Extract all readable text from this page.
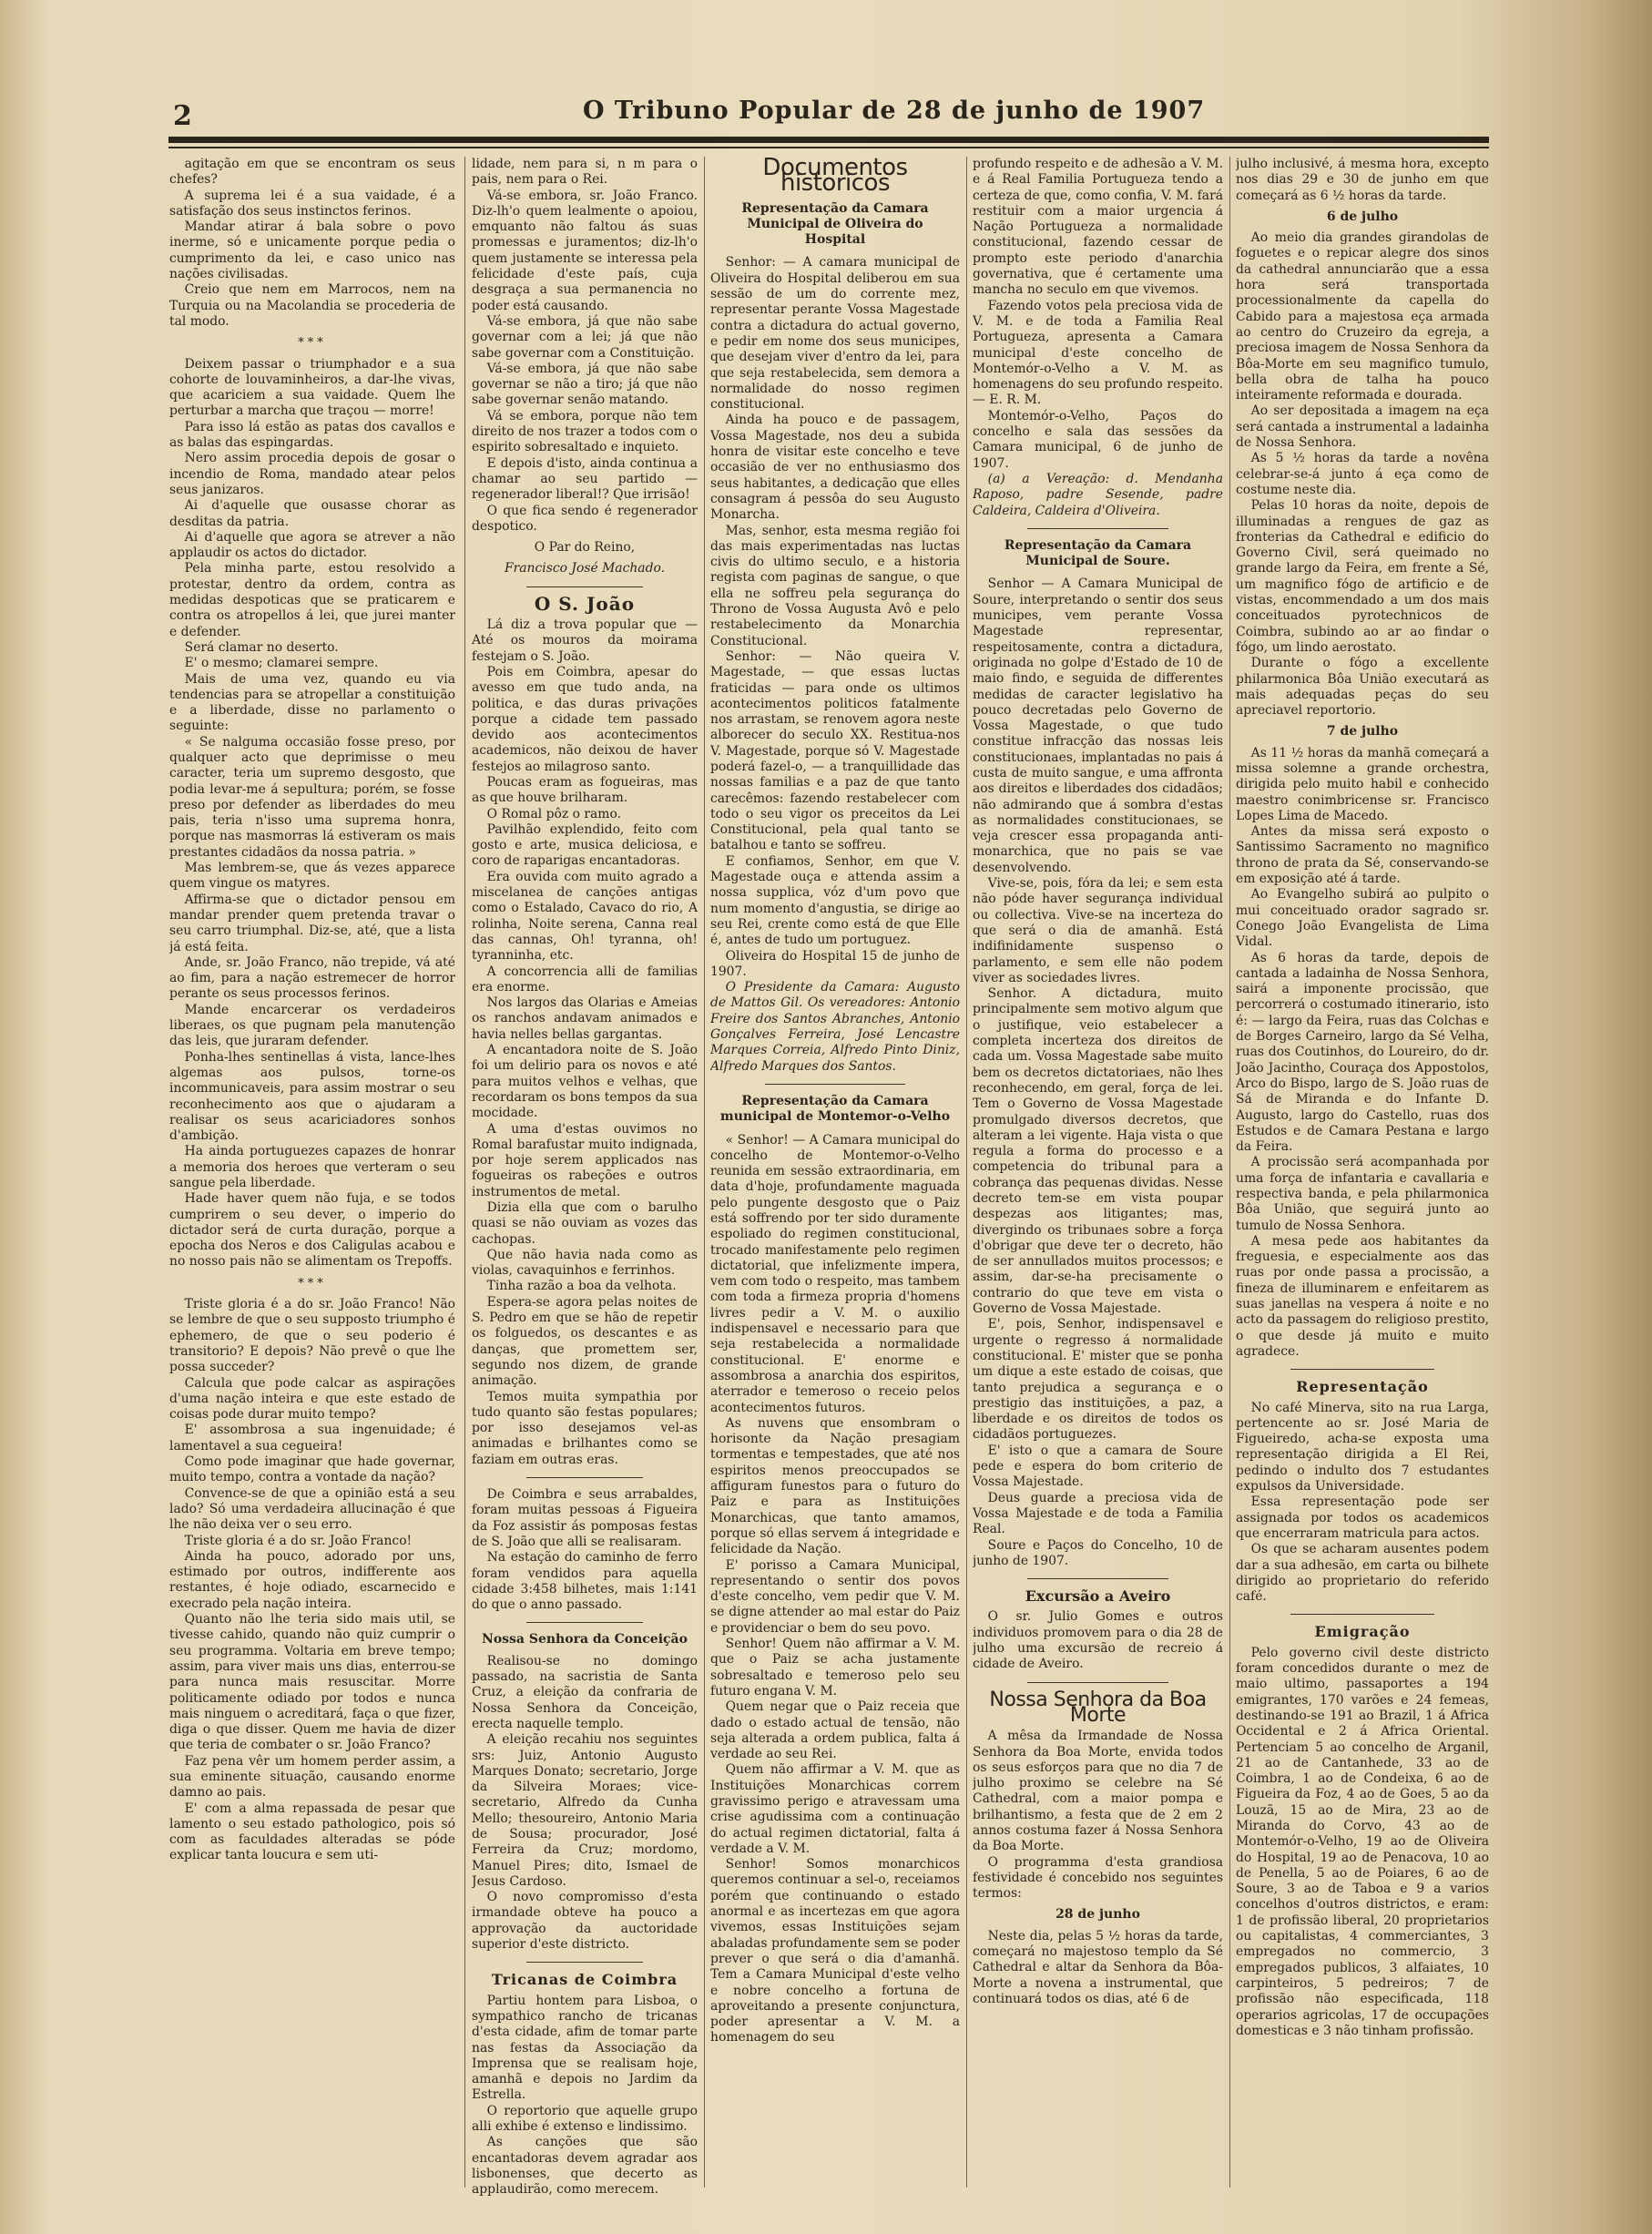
2	O Tribuno Popular de 28 de junho de 1907

agitação em que se encontram os seus chefes?

A suprema lei é a sua vaidade, é a satisfação dos seus instinctos ferinos.

Mandar atirar á bala sobre o povo inerme, só e unicamente porque pedia o cumprimento da lei, e caso unico nas nações civilisadas.

Creio que nem em Marrocos, nem na Turquia ou na Macolandia se procederia de tal modo.

***

Deixem passar o triumphador e a sua cohorte de louvaminheiros, a dar-lhe vivas, que acariciem a sua vaidade. Quem lhe perturbar a marcha que traçou — morre!

Para isso lá estão as patas dos cavallos e as balas das espingardas.

Nero assim procedia depois de gosar o incendio de Roma, mandado atear pelos seus janizaros.

Ai d'aquelle que ousasse chorar as desditas da patria.

Ai d'aquelle que agora se atrever a não applaudir os actos do dictador.

Pela minha parte, estou resolvido a protestar, dentro da ordem, contra as medidas despoticas que se praticarem e contra os atropellos á lei, que jurei manter e defender.

Será clamar no deserto.

E' o mesmo; clamarei sempre.

Mais de uma vez, quando eu via tendencias para se atropellar a constituição e a liberdade, disse no parlamento o seguinte:

« Se nalguma occasião fosse preso, por qualquer acto que deprimisse o meu caracter, teria um supremo desgosto, que podia levar-me á sepultura; porém, se fosse preso por defender as liberdades do meu pais, teria n'isso uma suprema honra, porque nas masmorras lá estiveram os mais prestantes cidadãos da nossa patria. »

Mas lembrem-se, que ás vezes apparece quem vingue os matyres.

Affirma-se que o dictador pensou em mandar prender quem pretenda travar o seu carro triumphal. Diz-se, até, que a lista já está feita.

Ande, sr. João Franco, não trepide, vá até ao fim, para a nação estremecer de horror perante os seus processos ferinos.

Mande encarcerar os verdadeiros liberaes, os que pugnam pela manutenção das leis, que juraram defender.

Ponha-lhes sentinellas á vista, lance-lhes algemas aos pulsos, torne-os incommunicaveis, para assim mostrar o seu reconhecimento aos que o ajudaram a realisar os seus acariciadores sonhos d'ambição.

Ha ainda portuguezes capazes de honrar a memoria dos heroes que verteram o seu sangue pela liberdade.

Hade haver quem não fuja, e se todos cumprirem o seu dever, o imperio do dictador será de curta duração, porque a epocha dos Neros e dos Caligulas acabou e no nosso pais não se alimentam os Trepoffs.

***

Triste gloria é a do sr. João Franco! Não se lembre de que o seu supposto triumpho é ephemero, de que o seu poderio é transitorio? E depois? Não prevê o que lhe possa succeder?

Calcula que pode calcar as aspirações d'uma nação inteira e que este estado de coisas pode durar muito tempo?

E' assombrosa a sua ingenuidade; é lamentavel a sua cegueira!

Como pode imaginar que hade governar, muito tempo, contra a vontade da nação?

Convence-se de que a opinião está a seu lado? Só uma verdadeira allucinação é que lhe não deixa ver o seu erro.

Triste gloria é a do sr. João Franco!

Ainda ha pouco, adorado por uns, estimado por outros, indifferente aos restantes, é hoje odiado, escarnecido e execrado pela nação inteira.

Quanto não lhe teria sido mais util, se tivesse cahido, quando não quiz cumprir o seu programma. Voltaria em breve tempo; assim, para viver mais uns dias, enterrou-se para nunca mais resuscitar. Morre politicamente odiado por todos e nunca mais ninguem o acreditará, faça o que fizer, diga o que disser. Quem me havia de dizer que teria de combater o sr. João Franco?

Faz pena vêr um homem perder assim, a sua eminente situação, causando enorme damno ao pais.

E' com a alma repassada de pesar que lamento o seu estado pathologico, pois só com as faculdades alteradas se póde explicar tanta loucura e sem uti-

lidade, nem para si, n m para o pais, nem para o Rei.

Vá-se embora, sr. João Franco. Diz-lh'o quem lealmente o apoiou, emquanto não faltou ás suas promessas e juramentos; diz-lh'o quem justamente se interessa pela felicidade d'este país, cuja desgraça a sua permanencia no poder está causando.

Vá-se embora, já que não sabe governar com a lei; já que não sabe governar com a Constituição.

Vá-se embora, já que não sabe governar se não a tiro; já que não sabe governar senão matando.

Vá se embora, porque não tem direito de nos trazer a todos com o espirito sobresaltado e inquieto.

E depois d'isto, ainda continua a chamar ao seu partido — regenerador liberal!? Que irrisão!

O que fica sendo é regenerador despotico.

O Par do Reino,
Francisco José Machado.
O S. João

Lá diz a trova popular que — Até os mouros da moirama festejam o S. João.

Pois em Coimbra, apesar do avesso em que tudo anda, na politica, e das duras privações porque a cidade tem passado devido aos acontecimentos academicos, não deixou de haver festejos ao milagroso santo.

Poucas eram as fogueiras, mas as que houve brilharam.

O Romal pôz o ramo.

Pavilhão explendido, feito com gosto e arte, musica deliciosa, e coro de raparigas encantadoras.

Era ouvida com muito agrado a miscelanea de canções antigas como o Estalado, Cavaco do rio, A rolinha, Noite serena, Canna real das cannas, Oh! tyranna, oh! tyranninha, etc.

A concorrencia alli de familias era enorme.

Nos largos das Olarias e Ameias os ranchos andavam animados e havia nelles bellas gargantas.

A encantadora noite de S. João foi um delirio para os novos e até para muitos velhos e velhas, que recordaram os bons tempos da sua mocidade.

A uma d'estas ouvimos no Romal barafustar muito indignada, por hoje serem applicados nas fogueiras os rabeções e outros instrumentos de metal.

Dizia ella que com o barulho quasi se não ouviam as vozes das cachopas.

Que não havia nada como as violas, cavaquinhos e ferrinhos.

Tinha razão a boa da velhota.

Espera-se agora pelas noites de S. Pedro em que se hão de repetir os folguedos, os descantes e as danças, que promettem ser, segundo nos dizem, de grande animação.

Temos muita sympathia por tudo quanto são festas populares; por isso desejamos vel-as animadas e brilhantes como se faziam em outras eras.

De Coimbra e seus arrabaldes, foram muitas pessoas á Figueira da Foz assistir ás pomposas festas de S. João que alli se realisaram.

Na estação do caminho de ferro foram vendidos para aquella cidade 3:458 bilhetes, mais 1:141 do que o anno passado.

Nossa Senhora da Conceição

Realisou-se no domingo passado, na sacristia de Santa Cruz, a eleição da confraria de Nossa Senhora da Conceição, erecta naquelle templo.

A eleição recahiu nos seguintes srs: Juiz, Antonio Augusto Marques Donato; secretario, Jorge da Silveira Moraes; vice-secretario, Alfredo da Cunha Mello; thesoureiro, Antonio Maria de Sousa; procurador, José Ferreira da Cruz; mordomo, Manuel Pires; dito, Ismael de Jesus Cardoso.

O novo compromisso d'esta irmandade obteve ha pouco a approvação da auctoridade superior d'este districto.

Tricanas de Coimbra

Partiu hontem para Lisboa, o sympathico rancho de tricanas d'esta cidade, afim de tomar parte nas festas da Associação da Imprensa que se realisam hoje, amanhã e depois no Jardim da Estrella.

O reportorio que aquelle grupo alli exhibe é extenso e lindissimo.

As canções que são encantadoras devem agradar aos lisbonenses, que decerto as applaudirão, como merecem.

Documentos historicos
Representação da Camara Municipal de Oliveira do Hospital

Senhor: — A camara municipal de Oliveira do Hospital deliberou em sua sessão de um do corrente mez, representar perante Vossa Magestade contra a dictadura do actual governo, e pedir em nome dos seus municipes, que desejam viver d'entro da lei, para que seja restabelecida, sem demora a normalidade do nosso regimen constitucional.

Ainda ha pouco e de passagem, Vossa Magestade, nos deu a subida honra de visitar este concelho e teve occasião de ver no enthusiasmo dos seus habitantes, a dedicação que elles consagram á pessôa do seu Augusto Monarcha.

Mas, senhor, esta mesma região foi das mais experimentadas nas luctas civis do ultimo seculo, e a historia regista com paginas de sangue, o que ella ne soffreu pela segurança do Throno de Vossa Augusta Avô e pelo restabelecimento da Monarchia Constitucional.

Senhor: — Não queira V. Magestade, — que essas luctas fraticidas — para onde os ultimos acontecimentos politicos fatalmente nos arrastam, se renovem agora neste alborecer do seculo XX. Restitua-nos V. Magestade, porque só V. Magestade poderá fazel-o, — a tranquillidade das nossas familias e a paz de que tanto carecêmos: fazendo restabelecer com todo o seu vigor os preceitos da Lei Constitucional, pela qual tanto se batalhou e tanto se soffreu.

E confiamos, Senhor, em que V. Magestade ouça e attenda assim a nossa supplica, vóz d'um povo que num momento d'angustia, se dirige ao seu Rei, crente como está de que Elle é, antes de tudo um portuguez.

Oliveira do Hospital 15 de junho de 1907.

O Presidente da Camara: Augusto de Mattos Gil. Os vereadores: Antonio Freire dos Santos Abranches, Antonio Gonçalves Ferreira, José Lencastre Marques Correia, Alfredo Pinto Diniz, Alfredo Marques dos Santos.

Representação da Camara municipal de Montemor-o-Velho

« Senhor! — A Camara municipal do concelho de Montemor-o-Velho reunida em sessão extraordinaria, em data d'hoje, profundamente maguada pelo pungente desgosto que o Paiz está soffrendo por ter sido duramente espoliado do regimen constitucional, trocado manifestamente pelo regimen dictatorial, que infelizmente impera, vem com todo o respeito, mas tambem com toda a firmeza propria d'homens livres pedir a V. M. o auxilio indispensavel e necessario para que seja restabelecida a normalidade constitucional. E' enorme e assombrosa a anarchia dos espiritos, aterrador e temeroso o receio pelos acontecimentos futuros.

As nuvens que ensombram o horisonte da Nação presagiam tormentas e tempestades, que até nos espiritos menos preoccupados se affiguram funestos para o futuro do Paiz e para as Instituições Monarchicas, que tanto amamos, porque só ellas servem á integridade e felicidade da Nação.

E' porisso a Camara Municipal, representando o sentir dos povos d'este concelho, vem pedir que V. M. se digne attender ao mal estar do Paiz e providenciar o bem do seu povo.

Senhor! Quem não affirmar a V. M. que o Paiz se acha justamente sobresaltado e temeroso pelo seu futuro engana V. M.

Quem negar que o Paiz receia que dado o estado actual de tensão, não seja alterada a ordem publica, falta á verdade ao seu Rei.

Quem não affirmar a V. M. que as Instituições Monarchicas correm gravissimo perigo e atravessam uma crise agudissima com a continuação do actual regimen dictatorial, falta á verdade a V. M.

Senhor! Somos monarchicos queremos continuar a sel-o, receiamos porém que continuando o estado anormal e as incertezas em que agora vivemos, essas Instituições sejam abaladas profundamente sem se poder prever o que será o dia d'amanhã. Tem a Camara Municipal d'este velho e nobre concelho a fortuna de aproveitando a presente conjunctura, poder apresentar a V. M. a homenagem do seu

profundo respeito e de adhesão a V. M. e á Real Familia Portugueza tendo a certeza de que, como confia, V. M. fará restituir com a maior urgencia á Nação Portugueza a normalidade constitucional, fazendo cessar de prompto este periodo d'anarchia governativa, que é certamente uma mancha no seculo em que vivemos.

Fazendo votos pela preciosa vida de V. M. e de toda a Familia Real Portugueza, apresenta a Camara municipal d'este concelho de Montemór-o-Velho a V. M. as homenagens do seu profundo respeito. — E. R. M.

Montemór-o-Velho, Paços do concelho e sala das sessões da Camara municipal, 6 de junho de 1907.

(a) a Vereação: d. Mendanha Raposo, padre Sesende, padre Caldeira, Caldeira d'Oliveira.

Representação da Camara Municipal de Soure.

Senhor — A Camara Municipal de Soure, interpretando o sentir dos seus municipes, vem perante Vossa Magestade representar, respeitosamente, contra a dictadura, originada no golpe d'Estado de 10 de maio findo, e seguida de differentes medidas de caracter legislativo ha pouco decretadas pelo Governo de Vossa Magestade, o que tudo constitue infracção das nossas leis constitucionaes, implantadas no pais á custa de muito sangue, e uma affronta aos direitos e liberdades dos cidadãos; não admirando que á sombra d'estas as normalidades constitucionaes, se veja crescer essa propaganda anti-monarchica, que no pais se vae desenvolvendo.

Vive-se, pois, fóra da lei; e sem esta não póde haver segurança individual ou collectiva. Vive-se na incerteza do que será o dia de amanhã. Está indifinidamente suspenso o parlamento, e sem elle não podem viver as sociedades livres.

Senhor. A dictadura, muito principalmente sem motivo algum que o justifique, veio estabelecer a completa incerteza dos direitos de cada um. Vossa Magestade sabe muito bem os decretos dictatoriaes, não lhes reconhecendo, em geral, força de lei. Tem o Governo de Vossa Magestade promulgado diversos decretos, que alteram a lei vigente. Haja vista o que regula a forma do processo e a competencia do tribunal para a cobrança das pequenas dividas. Nesse decreto tem-se em vista poupar despezas aos litigantes; mas, divergindo os tribunaes sobre a força d'obrigar que deve ter o decreto, hão de ser annullados muitos processos; e assim, dar-se-ha precisamente o contrario do que teve em vista o Governo de Vossa Majestade.

E', pois, Senhor, indispensavel e urgente o regresso á normalidade constitucional. E' mister que se ponha um dique a este estado de coisas, que tanto prejudica a segurança e o prestigio das instituições, a paz, a liberdade e os direitos de todos os cidadãos portuguezes.

E' isto o que a camara de Soure pede e espera do bom criterio de Vossa Majestade.

Deus guarde a preciosa vida de Vossa Majestade e de toda a Familia Real.

Soure e Paços do Concelho, 10 de junho de 1907.

Excursão a Aveiro

O sr. Julio Gomes e outros individuos promovem para o dia 28 de julho uma excursão de recreio á cidade de Aveiro.

Nossa Senhora da Boa Morte

A mêsa da Irmandade de Nossa Senhora da Boa Morte, envida todos os seus esforços para que no dia 7 de julho proximo se celebre na Sé Cathedral, com a maior pompa e brilhantismo, a festa que de 2 em 2 annos costuma fazer á Nossa Senhora da Boa Morte.

O programma d'esta grandiosa festividade é concebido nos seguintes termos:

28 de junho

Neste dia, pelas 5 ½ horas da tarde, começará no majestoso templo da Sé Cathedral e altar da Senhora da Bôa-Morte a novena a instrumental, que continuará todos os dias, até 6 de

julho inclusivé, á mesma hora, excepto nos dias 29 e 30 de junho em que começará as 6 ½ horas da tarde.

6 de julho

Ao meio dia grandes girandolas de foguetes e o repicar alegre dos sinos da cathedral annunciarão que a essa hora será transportada processionalmente da capella do Cabido para a majestosa eça armada ao centro do Cruzeiro da egreja, a preciosa imagem de Nossa Senhora da Bôa-Morte em seu magnifico tumulo, bella obra de talha ha pouco inteiramente reformada e dourada.

Ao ser depositada a imagem na eça será cantada a instrumental a ladainha de Nossa Senhora.

As 5 ½ horas da tarde a novêna celebrar-se-á junto á eça como de costume neste dia.

Pelas 10 horas da noite, depois de illuminadas a rengues de gaz as fronterias da Cathedral e edificio do Governo Civil, será queimado no grande largo da Feira, em frente a Sé, um magnifico fógo de artificio e de vistas, encommendado a um dos mais conceituados pyrotechnicos de Coimbra, subindo ao ar ao findar o fógo, um lindo aerostato.

Durante o fógo a excellente philarmonica Bôa União executará as mais adequadas peças do seu apreciavel reportorio.

7 de julho

As 11 ½ horas da manhã começará a missa solemne a grande orchestra, dirigida pelo muito habil e conhecido maestro conimbricense sr. Francisco Lopes Lima de Macedo.

Antes da missa será exposto o Santissimo Sacramento no magnifico throno de prata da Sé, conservando-se em exposição até á tarde.

Ao Evangelho subirá ao pulpito o mui conceituado orador sagrado sr. Conego João Evangelista de Lima Vidal.

As 6 horas da tarde, depois de cantada a ladainha de Nossa Senhora, sairá a imponente procissão, que percorrerá o costumado itinerario, isto é: — largo da Feira, ruas das Colchas e de Borges Carneiro, largo da Sé Velha, ruas dos Coutinhos, do Loureiro, do dr. João Jacintho, Couraça dos Appostolos, Arco do Bispo, largo de S. João ruas de Sá de Miranda e do Infante D. Augusto, largo do Castello, ruas dos Estudos e de Camara Pestana e largo da Feira.

A procissão será acompanhada por uma força de infantaria e cavallaria e respectiva banda, e pela philarmonica Bôa União, que seguirá junto ao tumulo de Nossa Senhora.

A mesa pede aos habitantes da freguesia, e especialmente aos das ruas por onde passa a procissão, a fineza de illuminarem e enfeitarem as suas janellas na vespera á noite e no acto da passagem do religioso prestito, o que desde já muito e muito agradece.

Representação

No café Minerva, sito na rua Larga, pertencente ao sr. José Maria de Figueiredo, acha-se exposta uma representação dirigida a El Rei, pedindo o indulto dos 7 estudantes expulsos da Universidade.

Essa representação pode ser assignada por todos os academicos que encerraram matricula para actos.

Os que se acharam ausentes podem dar a sua adhesão, em carta ou bilhete dirigido ao proprietario do referido café.

Emigração

Pelo governo civil deste districto foram concedidos durante o mez de maio ultimo, passaportes a 194 emigrantes, 170 varões e 24 femeas, destinando-se 191 ao Brazil, 1 á Africa Occidental e 2 á Africa Oriental. Pertenciam 5 ao concelho de Arganil, 21 ao de Cantanhede, 33 ao de Coimbra, 1 ao de Condeixa, 6 ao de Figueira da Foz, 4 ao de Goes, 5 ao da Louzã, 15 ao de Mira, 23 ao de Miranda do Corvo, 43 ao de Montemór-o-Velho, 19 ao de Oliveira do Hospital, 19 ao de Penacova, 10 ao de Penella, 5 ao de Poiares, 6 ao de Soure, 3 ao de Taboa e 9 a varios concelhos d'outros districtos, e eram: 1 de profissão liberal, 20 proprietarios ou capitalistas, 4 commerciantes, 3 empregados no commercio, 3 empregados publicos, 3 alfaiates, 10 carpinteiros, 5 pedreiros; 7 de profissão não especificada, 118 operarios agricolas, 17 de occupações domesticas e 3 não tinham profissão.
